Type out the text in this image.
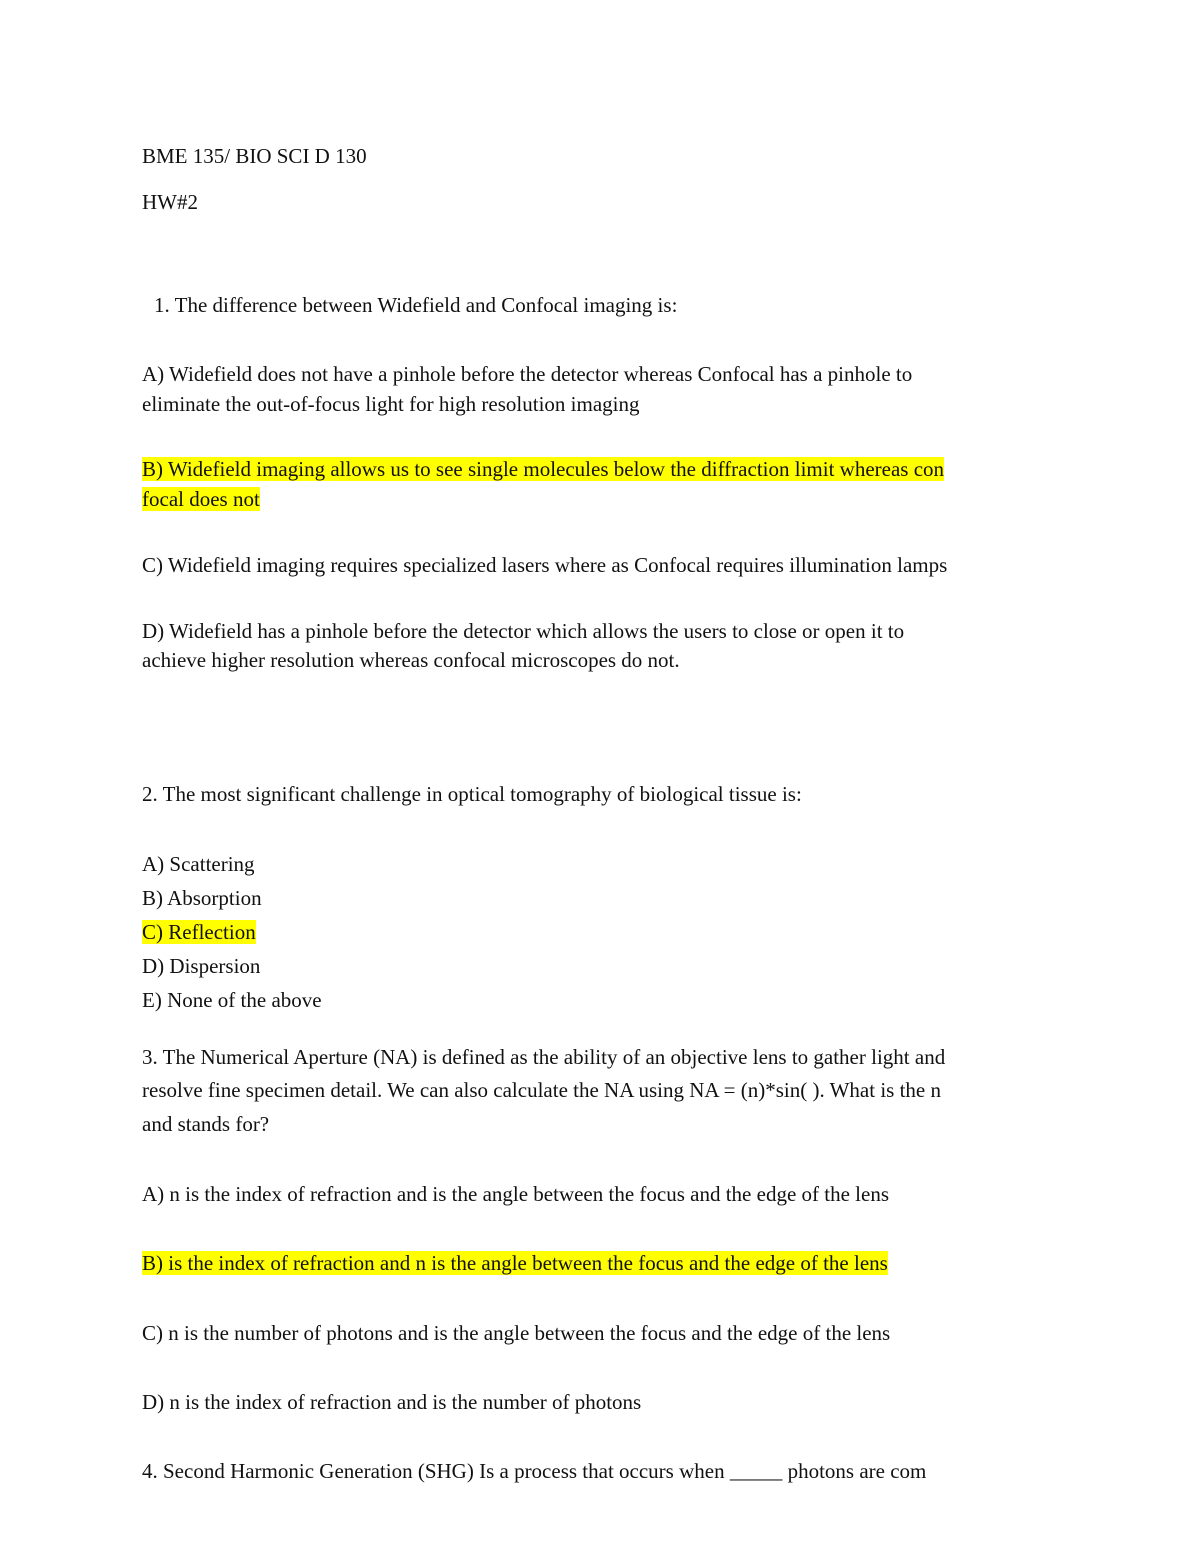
BME 135/ BIO SCI D 130
HW#2
1. The difference between Widefield and Confocal imaging is:
A) Widefield does not have a pinhole before the detector whereas Confocal has a pinhole to
eliminate the out-of-focus light for high resolution imaging
B) Widefield imaging allows us to see single molecules below the diffraction limit whereas con
focal does not
C) Widefield imaging requires specialized lasers where as Confocal requires illumination lamps
D) Widefield has a pinhole before the detector which allows the users to close or open it to
achieve higher resolution whereas confocal microscopes do not.
2. The most significant challenge in optical tomography of biological tissue is:
A) Scattering
B) Absorption
C) Reflection
D) Dispersion
E) None of the above
3. The Numerical Aperture (NA) is defined as the ability of an objective lens to gather light and
resolve fine specimen detail. We can also calculate the NA using NA = (n)*sin( ). What is the n
and stands for?
A) n is the index of refraction and is the angle between the focus and the edge of the lens
B) is the index of refraction and n is the angle between the focus and the edge of the lens
C) n is the number of photons and is the angle between the focus and the edge of the lens
D) n is the index of refraction and is the number of photons
4. Second Harmonic Generation (SHG) Is a process that occurs when _____ photons are com
